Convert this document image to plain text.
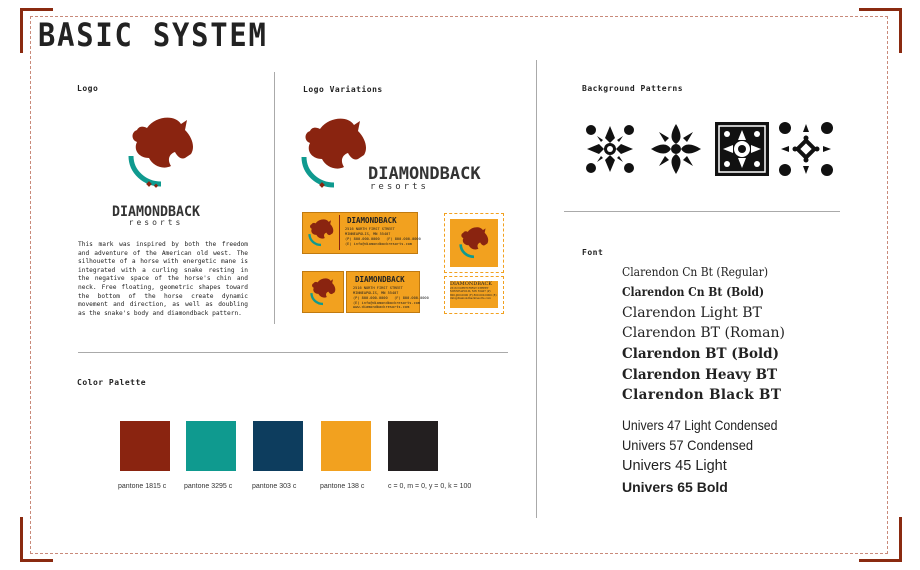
BASIC SYSTEM
Logo	Logo Variations	Background Patterns
Font
Color Palette
DIAMONDBACK
resorts
This mark was inspired by both the freedom and adventure of the American old west. The silhouette of a horse with energetic mane is integrated with a curling snake resting in the negative space of the horse's chin and neck. Free floating, geometric shapes toward the bottom of the horse create dynamic movement and direction, as well as doubling as the snake's body and diamondback pattern.
DIAMONDBACK
resorts
DIAMONDBACK
2516 NORTH FIRST STREET
MINNEAPOLIS, MN 55407
(P) 800.000.0000   (F) 800.000.0000
(E) info@diamondbackresorts.com
DIAMONDBACK
2516 NORTH FIRST STREET
MINNEAPOLIS, MN 55407
(P) 800.000.0000   (F) 800.000.0000
(E) info@diamondbackresorts.com
www.diamondbackresorts.com
DIAMONDBACK
2516 NORTH FIRST STREET MINNEAPOLIS, MN 55407 (P) 800.000.0000 (F) 800.000.0000 (E) info@diamondbackresorts.com
Clarendon Cn Bt (Regular)
Clarendon Cn Bt (Bold)
Clarendon Light BT
Clarendon BT (Roman)
Clarendon BT (Bold)
Clarendon Heavy BT
Clarendon Black BT
Univers 47 Light Condensed
Univers 57 Condensed
Univers 45 Light
Univers 65 Bold
pantone 1815 c	pantone 3295 c	pantone 303 c	pantone 138 c	c = 0, m = 0, y = 0, k = 100
